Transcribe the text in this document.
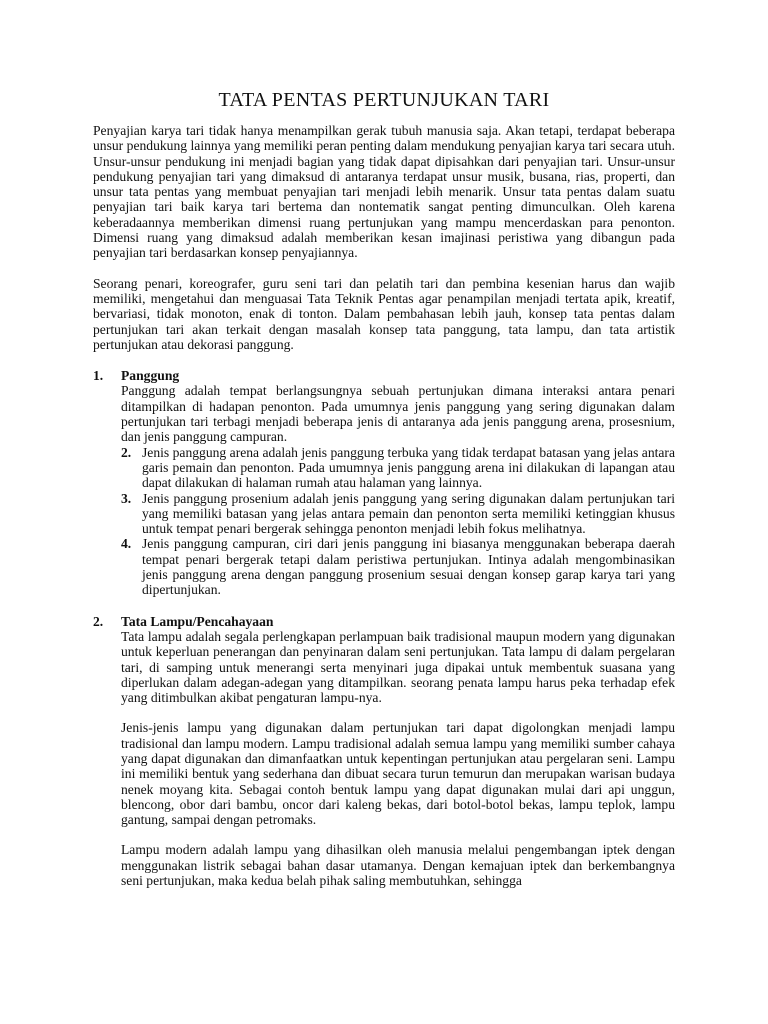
TATA PENTAS PERTUNJUKAN TARI

Penyajian karya tari tidak hanya menampilkan gerak tubuh manusia saja. Akan tetapi, terdapat beberapa unsur pendukung lainnya yang memiliki peran penting dalam mendukung penyajian karya tari secara utuh. Unsur-unsur pendukung ini menjadi bagian yang tidak dapat dipisahkan dari penyajian tari. Unsur-unsur pendukung penyajian tari yang dimaksud di antaranya terdapat unsur musik, busana, rias, properti, dan unsur tata pentas yang membuat penyajian tari menjadi lebih menarik. Unsur tata pentas dalam suatu penyajian tari baik karya tari bertema dan nontematik sangat penting dimunculkan. Oleh karena keberadaannya memberikan dimensi ruang pertunjukan yang mampu mencerdaskan para penonton. Dimensi ruang yang dimaksud adalah memberikan kesan imajinasi peristiwa yang dibangun pada penyajian tari berdasarkan konsep penyajiannya.

Seorang penari, koreografer, guru seni tari dan pelatih tari dan pembina kesenian harus dan wajib memiliki, mengetahui dan menguasai Tata Teknik Pentas agar penampilan menjadi tertata apik, kreatif, bervariasi, tidak monoton, enak di tonton. Dalam pembahasan lebih jauh, konsep tata pentas dalam pertunjukan tari akan terkait dengan masalah konsep tata panggung, tata lampu, dan tata artistik pertunjukan atau dekorasi panggung.

1. Panggung

Panggung adalah tempat berlangsungnya sebuah pertunjukan dimana interaksi antara penari ditampilkan di hadapan penonton. Pada umumnya jenis panggung yang sering digunakan dalam pertunjukan tari terbagi menjadi beberapa jenis di antaranya ada jenis panggung arena, prosesnium, dan jenis panggung campuran.

2. Jenis panggung arena adalah jenis panggung terbuka yang tidak terdapat batasan yang jelas antara garis pemain dan penonton. Pada umumnya jenis panggung arena ini dilakukan di lapangan atau dapat dilakukan di halaman rumah atau halaman yang lainnya.

3. Jenis panggung prosenium adalah jenis panggung yang sering digunakan dalam pertunjukan tari yang memiliki batasan yang jelas antara pemain dan penonton serta memiliki ketinggian khusus untuk tempat penari bergerak sehingga penonton menjadi lebih fokus melihatnya.

4. Jenis panggung campuran, ciri dari jenis panggung ini biasanya menggunakan beberapa daerah tempat penari bergerak tetapi dalam peristiwa pertunjukan. Intinya adalah mengombinasikan jenis panggung arena dengan panggung prosenium sesuai dengan konsep garap karya tari yang dipertunjukan.

2. Tata Lampu/Pencahayaan

Tata lampu adalah segala perlengkapan perlampuan baik tradisional maupun modern yang digunakan untuk keperluan penerangan dan penyinaran dalam seni pertunjukan. Tata lampu di dalam pergelaran tari, di samping untuk menerangi serta menyinari juga dipakai untuk membentuk suasana yang diperlukan dalam adegan-adegan yang ditampilkan. seorang penata lampu harus peka terhadap efek yang ditimbulkan akibat pengaturan lampu-nya.

Jenis-jenis lampu yang digunakan dalam pertunjukan tari dapat digolongkan menjadi lampu tradisional dan lampu modern. Lampu tradisional adalah semua lampu yang memiliki sumber cahaya yang dapat digunakan dan dimanfaatkan untuk kepentingan pertunjukan atau pergelaran seni. Lampu ini memiliki bentuk yang sederhana dan dibuat secara turun temurun dan merupakan warisan budaya nenek moyang kita. Sebagai contoh bentuk lampu yang dapat digunakan mulai dari api unggun, blencong, obor dari bambu, oncor dari kaleng bekas, dari botol-botol bekas, lampu teplok, lampu gantung, sampai dengan petromaks.

Lampu modern adalah lampu yang dihasilkan oleh manusia melalui pengembangan iptek dengan menggunakan listrik sebagai bahan dasar utamanya. Dengan kemajuan iptek dan berkembangnya seni pertunjukan, maka kedua belah pihak saling membutuhkan, sehingga
